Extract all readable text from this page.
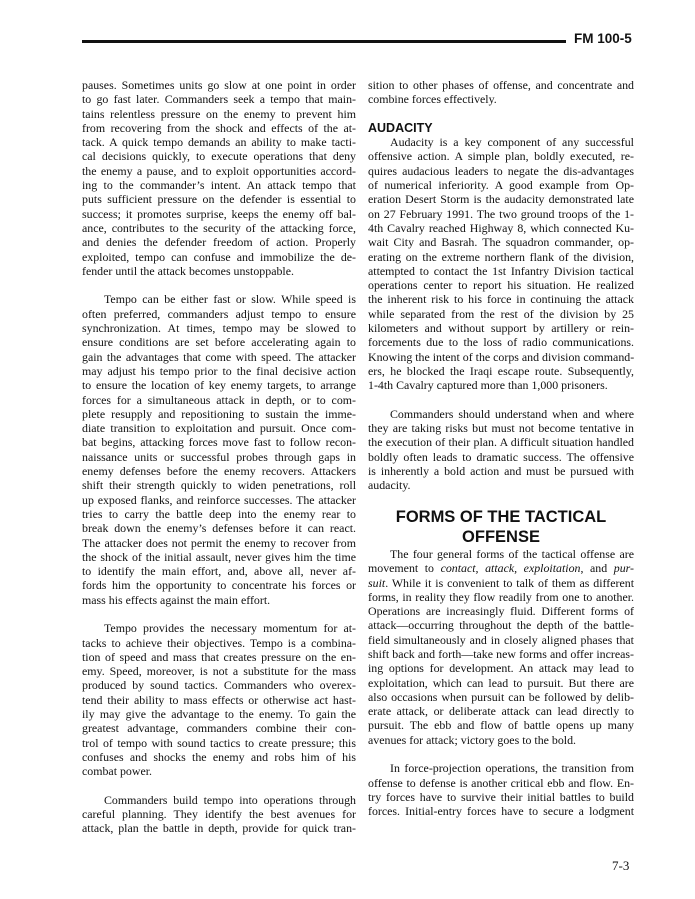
FM 100-5
pauses. Sometimes units go slow at one point in order
to go fast later. Commanders seek a tempo that main-
tains relentless pressure on the enemy to prevent him
from recovering from the shock and effects of the at-
tack. A quick tempo demands an ability to make tacti-
cal decisions quickly, to execute operations that deny
the enemy a pause, and to exploit opportunities accord-
ing to the commander’s intent. An attack tempo that
puts sufficient pressure on the defender is essential to
success; it promotes surprise, keeps the enemy off bal-
ance, contributes to the security of the attacking force,
and denies the defender freedom of action. Properly
exploited, tempo can confuse and immobilize the de-
fender until the attack becomes unstoppable.
Tempo can be either fast or slow. While speed is
often preferred, commanders adjust tempo to ensure
synchronization. At times, tempo may be slowed to
ensure conditions are set before accelerating again to
gain the advantages that come with speed. The attacker
may adjust his tempo prior to the final decisive action
to ensure the location of key enemy targets, to arrange
forces for a simultaneous attack in depth, or to com-
plete resupply and repositioning to sustain the imme-
diate transition to exploitation and pursuit. Once com-
bat begins, attacking forces move fast to follow recon-
naissance units or successful probes through gaps in
enemy defenses before the enemy recovers. Attackers
shift their strength quickly to widen penetrations, roll
up exposed flanks, and reinforce successes. The attacker
tries to carry the battle deep into the enemy rear to
break down the enemy’s defenses before it can react.
The attacker does not permit the enemy to recover from
the shock of the initial assault, never gives him the time
to identify the main effort, and, above all, never af-
fords him the opportunity to concentrate his forces or
mass his effects against the main effort.
Tempo provides the necessary momentum for at-
tacks to achieve their objectives. Tempo is a combina-
tion of speed and mass that creates pressure on the en-
emy. Speed, moreover, is not a substitute for the mass
produced by sound tactics. Commanders who overex-
tend their ability to mass effects or otherwise act hast-
ily may give the advantage to the enemy. To gain the
greatest advantage, commanders combine their con-
trol of tempo with sound tactics to create pressure; this
confuses and shocks the enemy and robs him of his
combat power.
Commanders build tempo into operations through
careful planning. They identify the best avenues for
attack, plan the battle in depth, provide for quick tran-
sition to other phases of offense, and concentrate and
combine forces effectively.
AUDACITY
Audacity is a key component of any successful
offensive action. A simple plan, boldly executed, re-
quires audacious leaders to negate the dis-advantages
of numerical inferiority. A good example from Op-
eration Desert Storm is the audacity demonstrated late
on 27 February 1991. The two ground troops of the 1-
4th Cavalry reached Highway 8, which connected Ku-
wait City and Basrah. The squadron commander, op-
erating on the extreme northern flank of the division,
attempted to contact the 1st Infantry Division tactical
operations center to report his situation. He realized
the inherent risk to his force in continuing the attack
while separated from the rest of the division by 25
kilometers and without support by artillery or rein-
forcements due to the loss of radio communications.
Knowing the intent of the corps and division command-
ers, he blocked the Iraqi escape route. Subsequently,
1-4th Cavalry captured more than 1,000 prisoners.
Commanders should understand when and where
they are taking risks but must not become tentative in
the execution of their plan. A difficult situation handled
boldly often leads to dramatic success. The offensive
is inherently a bold action and must be pursued with
audacity.
FORMS OF THE TACTICAL
OFFENSE
The four general forms of the tactical offense are
movement to contact, attack, exploitation, and pur-
suit. While it is convenient to talk of them as different
forms, in reality they flow readily from one to another.
Operations are increasingly fluid. Different forms of
attack—occurring throughout the depth of the battle-
field simultaneously and in closely aligned phases that
shift back and forth—take new forms and offer increas-
ing options for development. An attack may lead to
exploitation, which can lead to pursuit. But there are
also occasions when pursuit can be followed by delib-
erate attack, or deliberate attack can lead directly to
pursuit. The ebb and flow of battle opens up many
avenues for attack; victory goes to the bold.
In force-projection operations, the transition from
offense to defense is another critical ebb and flow. En-
try forces have to survive their initial battles to build
forces. Initial-entry forces have to secure a lodgment
7-3
